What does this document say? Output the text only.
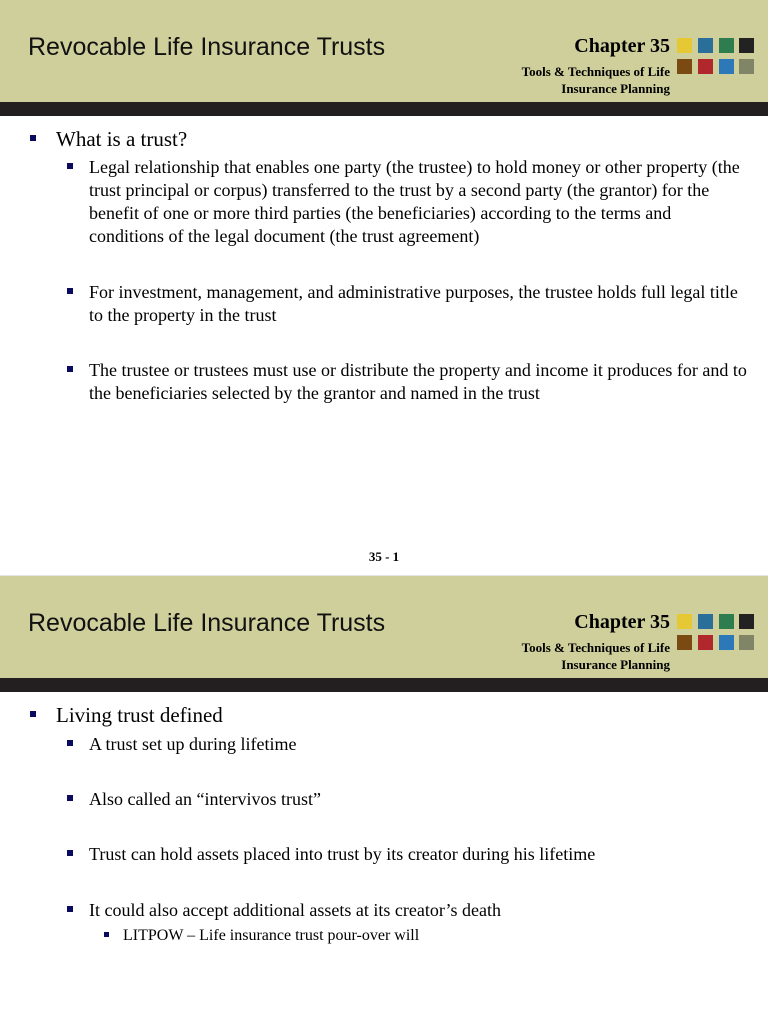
Revocable Life Insurance Trusts	Chapter 35
Tools & Techniques of Life
Insurance Planning
What is a trust?
Legal relationship that enables one party (the trustee) to hold money or other property (the trust principal or corpus) transferred to the trust by a second party (the grantor) for the benefit of one or more third parties (the beneficiaries) according to the terms and conditions of the legal document (the trust agreement)
For investment, management, and administrative purposes, the trustee holds full legal title to the property in the trust
The trustee or trustees must use or distribute the property and income it produces for and to the beneficiaries selected by the grantor and named in the trust
35 - 1
Revocable Life Insurance Trusts	Chapter 35
Tools & Techniques of Life
Insurance Planning
Living trust defined
A trust set up during lifetime
Also called an “intervivos trust”
Trust can hold assets placed into trust by its creator during his lifetime
It could also accept additional assets at its creator’s death
LITPOW – Life insurance trust pour-over will
